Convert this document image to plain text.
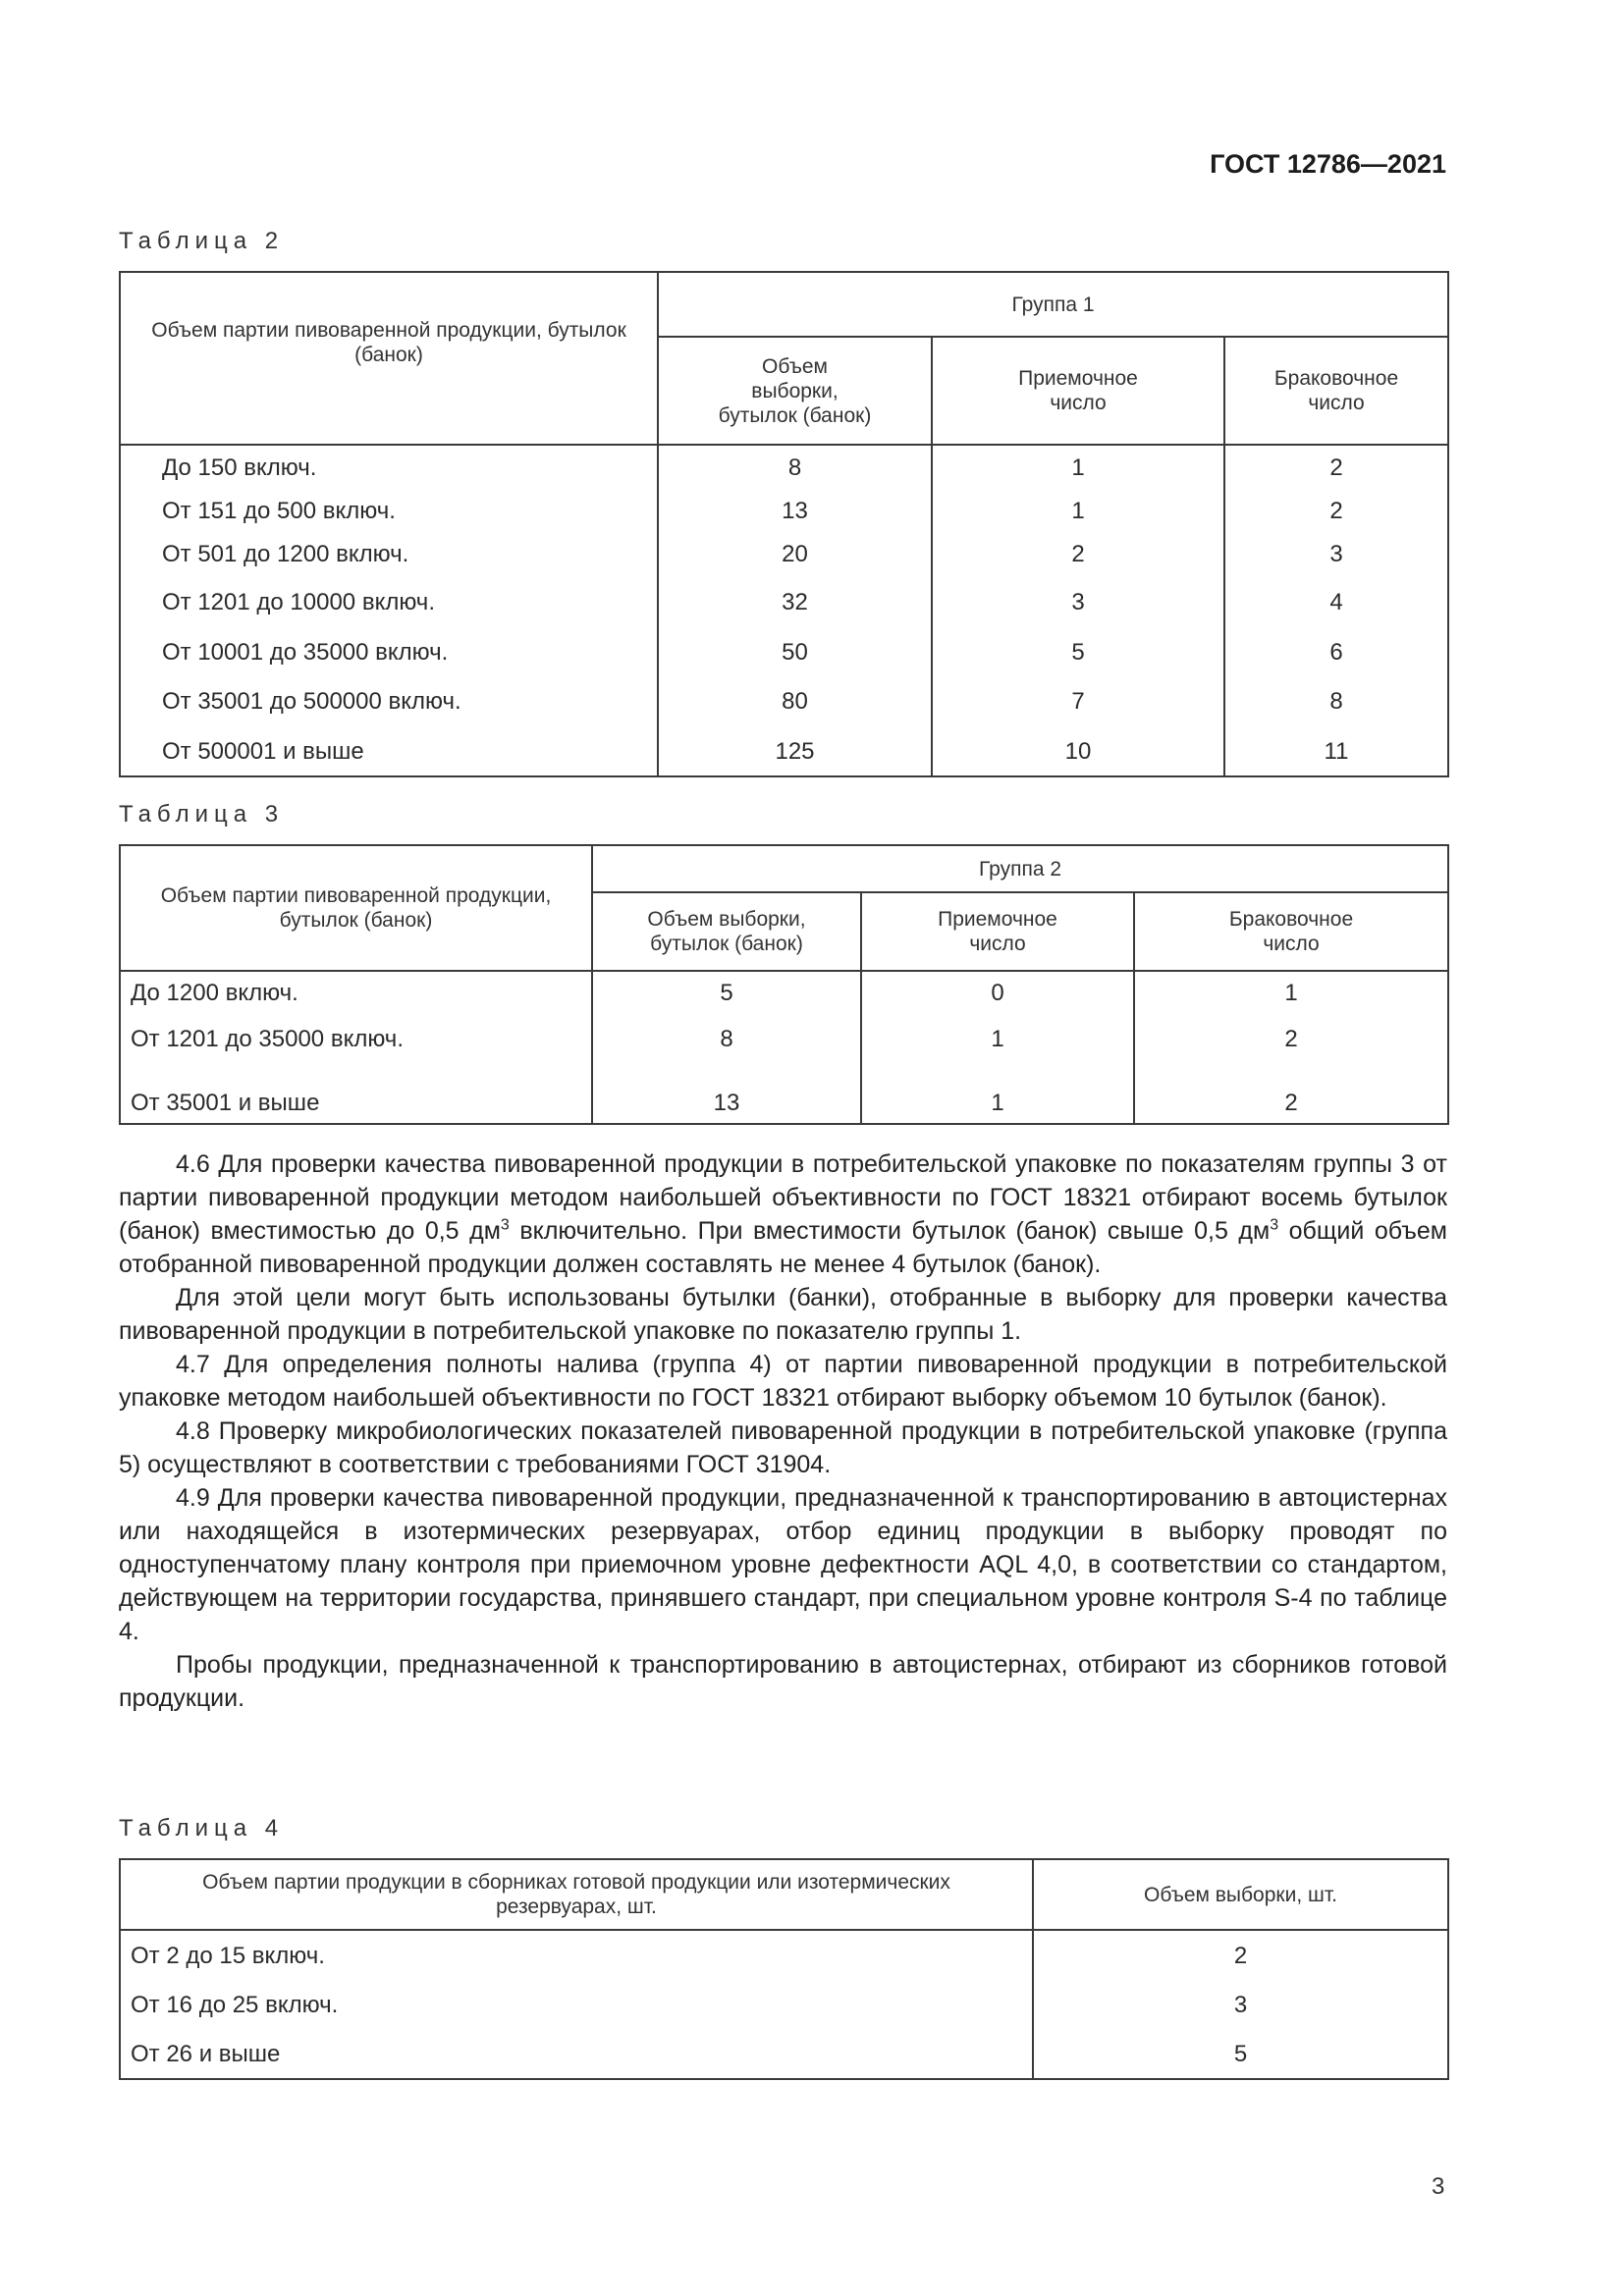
ГОСТ 12786—2021
Таблица 2
Объем партии пивоваренной продукции, бутылок (банок)	Группа 1		
	Объем выборки, бутылок (банок)	Приемочное число	Браковочное число
До 150 включ.	8	1	2
От 151 до 500 включ.	13	1	2
От 501 до 1200 включ.	20	2	3
От 1201 до 10000 включ.	32	3	4
От 10001 до 35000 включ.	50	5	6
От 35001 до 500000 включ.	80	7	8
От 500001 и выше	125	10	11
Таблица 3
Объем партии пивоваренной продукции, бутылок (банок)	Группа 2		
	Объем выборки, бутылок (банок)	Приемочное число	Браковочное число
До 1200 включ.	5	0	1
От 1201 до 35000 включ.	8	1	2
От 35001 и выше	13	1	2

4.6 Для проверки качества пивоваренной продукции в потребительской упаковке по показателям группы 3 от партии пивоваренной продукции методом наибольшей объективности по ГОСТ 18321 отбирают восемь бутылок (банок) вместимостью до 0,5 $дм^3$ включительно. При вместимости бутылок (банок) свыше 0,5 $дм^3$ общий объем отобранной пивоваренной продукции должен составлять не менее 4 бутылок (банок).

Для этой цели могут быть использованы бутылки (банки), отобранные в выборку для проверки качества пивоваренной продукции в потребительской упаковке по показателю группы 1.

4.7 Для определения полноты налива (группа 4) от партии пивоваренной продукции в потребительской упаковке методом наибольшей объективности по ГОСТ 18321 отбирают выборку объемом 10 бутылок (банок).

4.8 Проверку микробиологических показателей пивоваренной продукции в потребительской упаковке (группа 5) осуществляют в соответствии с требованиями ГОСТ 31904.

4.9 Для проверки качества пивоваренной продукции, предназначенной к транспортированию в автоцистернах или находящейся в изотермических резервуарах, отбор единиц продукции в выборку проводят по одноступенчатому плану контроля при приемочном уровне дефектности AQL 4,0, в соответствии со стандартом, действующем на территории государства, принявшего стандарт, при специальном уровне контроля S-4 по таблице 4.

Пробы продукции, предназначенной к транспортированию в автоцистернах, отбирают из сборников готовой продукции.

Таблица 4
Объем партии продукции в сборниках готовой продукции или изотермических резервуарах, шт.	Объем выборки, шт.
От 2 до 15 включ.	2
От 16 до 25 включ.	3
От 26 и выше	5
3
